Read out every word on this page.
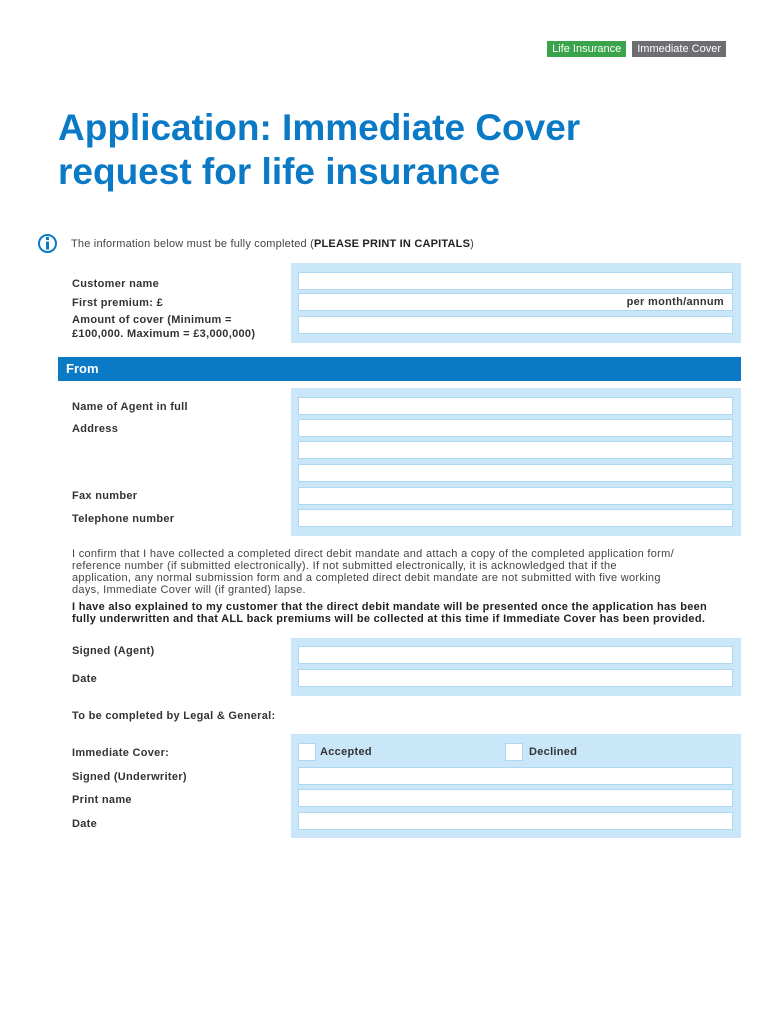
Life Insurance	Immediate Cover
Application: Immediate Cover
request for life insurance
The information below must be fully completed (PLEASE PRINT IN CAPITALS)
Customer name
First premium: £	per month/annum
Amount of cover (Minimum =
£100,000. Maximum = £3,000,000)
From
Name of Agent in full
Address
Fax number
Telephone number

I confirm that I have collected a completed direct debit mandate and attach a copy of the completed application form/
reference number (if submitted electronically). If not submitted electronically, it is acknowledged that if the
application, any normal submission form and a completed direct debit mandate are not submitted with five working
days, Immediate Cover will (if granted) lapse.

I have also explained to my customer that the direct debit mandate will be presented once the application has been
fully underwritten and that ALL back premiums will be collected at this time if Immediate Cover has been provided.

Signed (Agent)
Date
To be completed by Legal & General:
Immediate Cover:	Accepted	Declined
Signed (Underwriter)
Print name
Date
